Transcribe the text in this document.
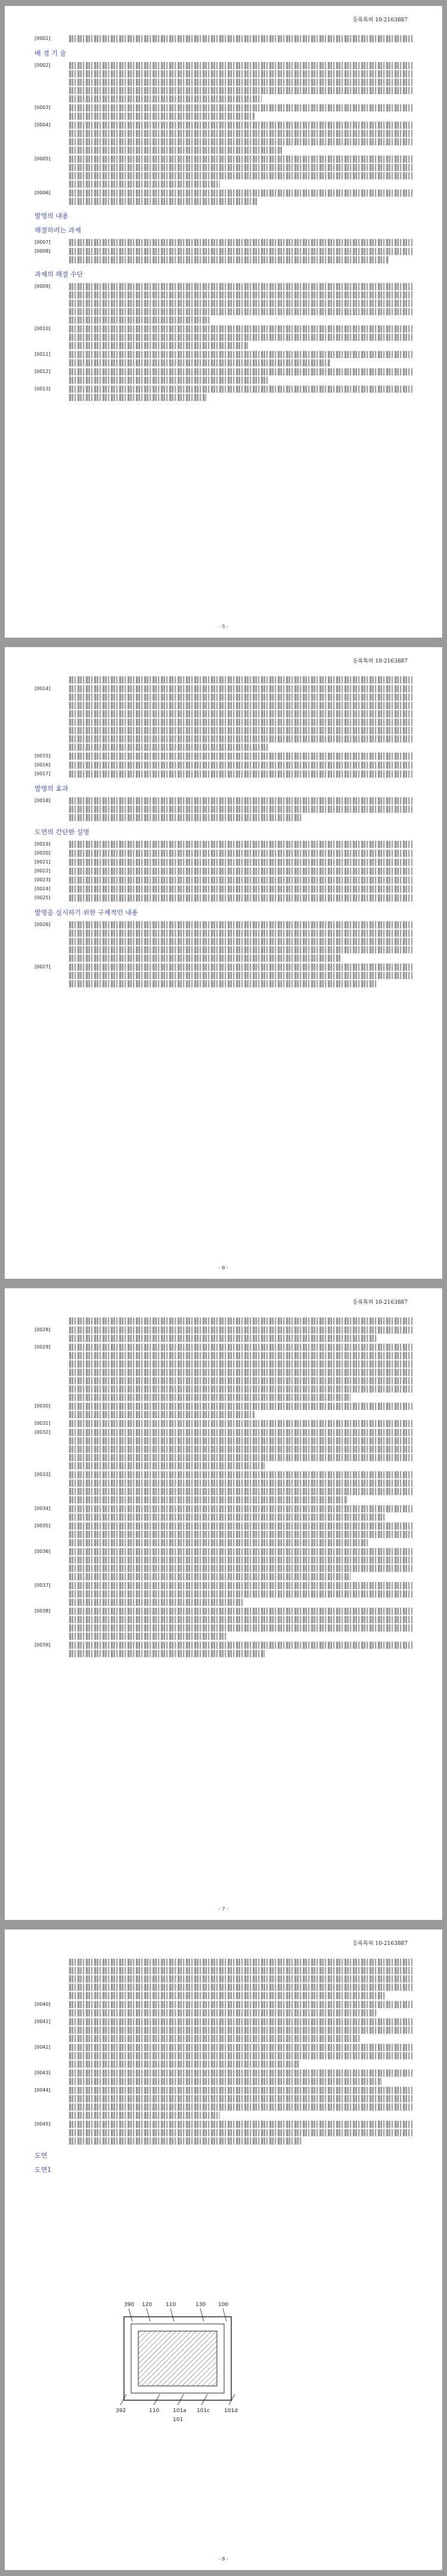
등록특허 10-2163887
[0001]
배 경 기 술
[0002]
[0003]
[0004]
[0005]
[0006]
발명의 내용
해결하려는 과제
[0007]
[0008]
과제의 해결 수단
[0009]
[0010]
[0011]
[0012]
[0013]
- 5 -
등록특허 10-2163887
[0014]
[0015]
[0016]
[0017]
발명의 효과
[0018]
도면의 간단한 설명
[0019]
[0020]
[0021]
[0022]
[0023]
[0024]
[0025]
발명을 실시하기 위한 구체적인 내용
[0026]
[0027]
- 6 -
등록특허 10-2163887
[0028]
[0029]
[0030]
[0031]
[0032]
[0033]
[0034]
[0035]
[0036]
[0037]
[0038]
[0039]
- 7 -
등록특허 10-2163887
[0040]
[0041]
[0042]
[0043]
[0044]
[0045]
도면
도면1
390 120	110	130 100
392	110	101a 101c	101d
101
- 8 -
